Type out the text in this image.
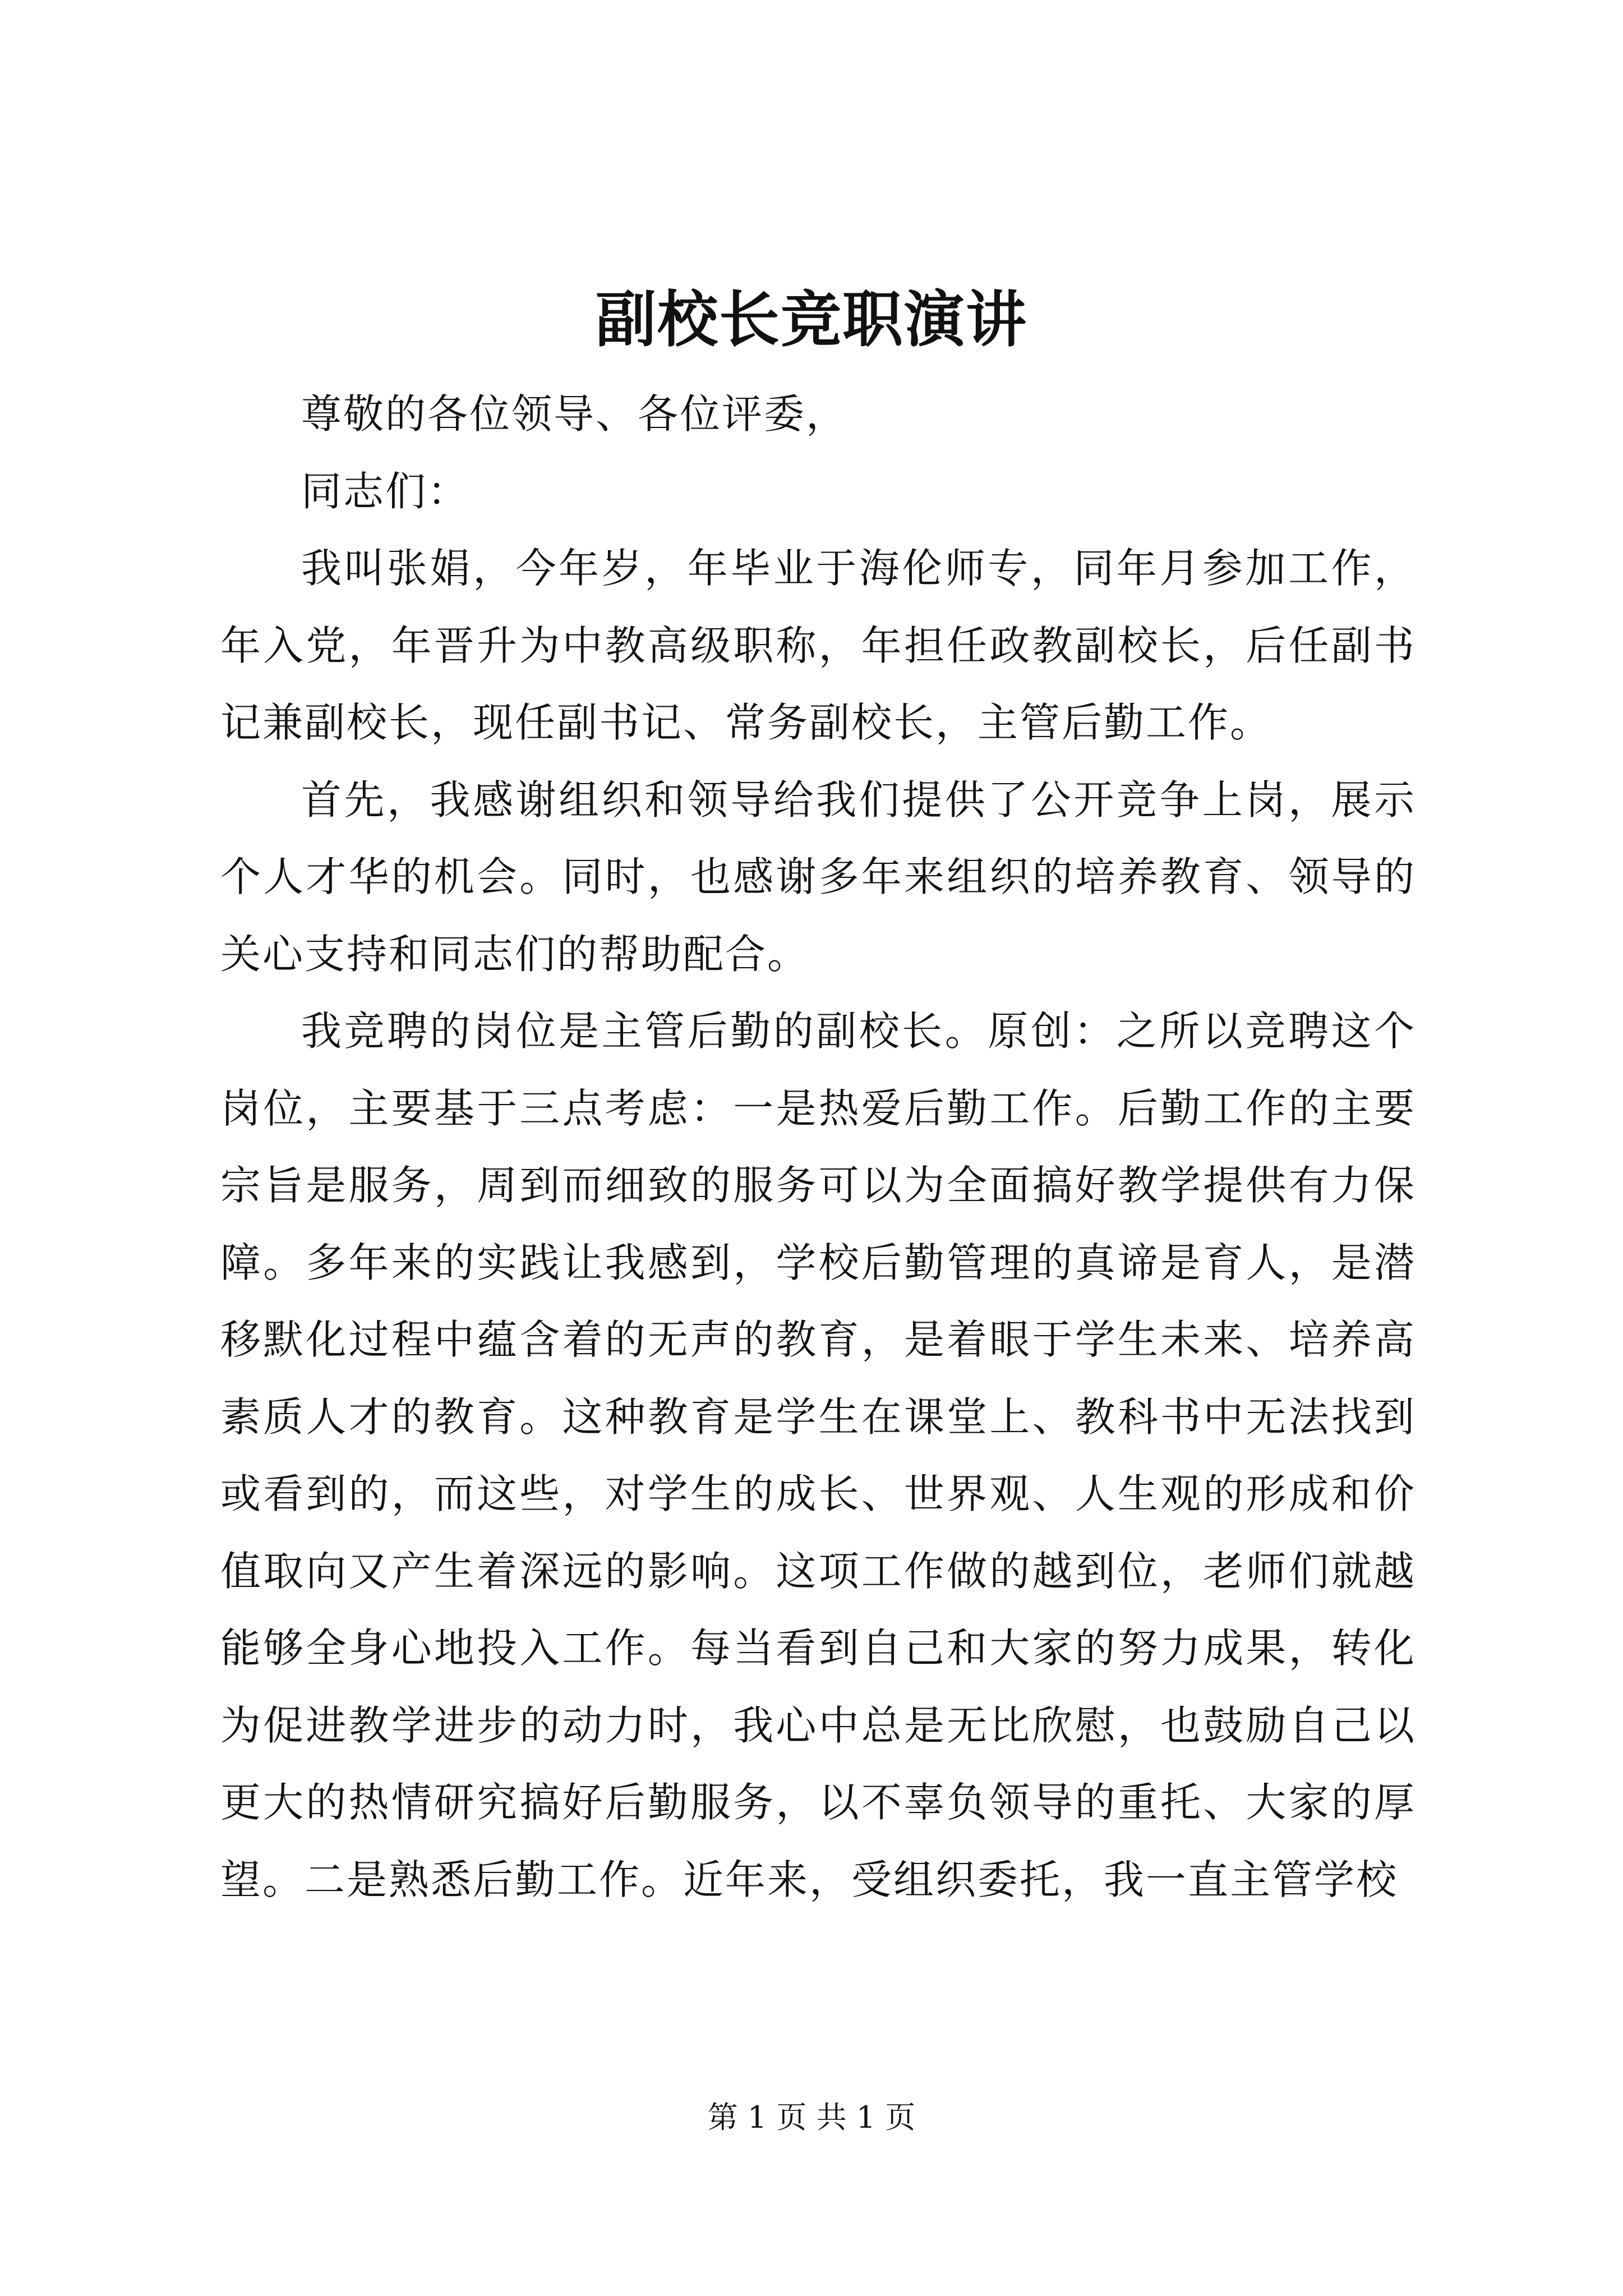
副校长竞职演讲

尊敬的各位领导、各位评委，

同志们：

我叫张娟，今年岁，年毕业于海伦师专，同年月参加工作，年入党，年晋升为中教高级职称，年担任政教副校长，后任副书记兼副校长，现任副书记、常务副校长，主管后勤工作。

首先，我感谢组织和领导给我们提供了公开竞争上岗，展示个人才华的机会。同时，也感谢多年来组织的培养教育、领导的关心支持和同志们的帮助配合。

我竞聘的岗位是主管后勤的副校长。原创：之所以竞聘这个岗位，主要基于三点考虑：一是热爱后勤工作。后勤工作的主要宗旨是服务，周到而细致的服务可以为全面搞好教学提供有力保障。多年来的实践让我感到，学校后勤管理的真谛是育人，是潜移默化过程中蕴含着的无声的教育，是着眼于学生未来、培养高素质人才的教育。这种教育是学生在课堂上、教科书中无法找到或看到的，而这些，对学生的成长、世界观、人生观的形成和价值取向又产生着深远的影响。这项工作做的越到位，老师们就越能够全身心地投入工作。每当看到自己和大家的努力成果，转化为促进教学进步的动力时，我心中总是无比欣慰，也鼓励自己以更大的热情研究搞好后勤服务，以不辜负领导的重托、大家的厚望。二是熟悉后勤工作。近年来，受组织委托，我一直主管学校

第 1 页 共 1 页
